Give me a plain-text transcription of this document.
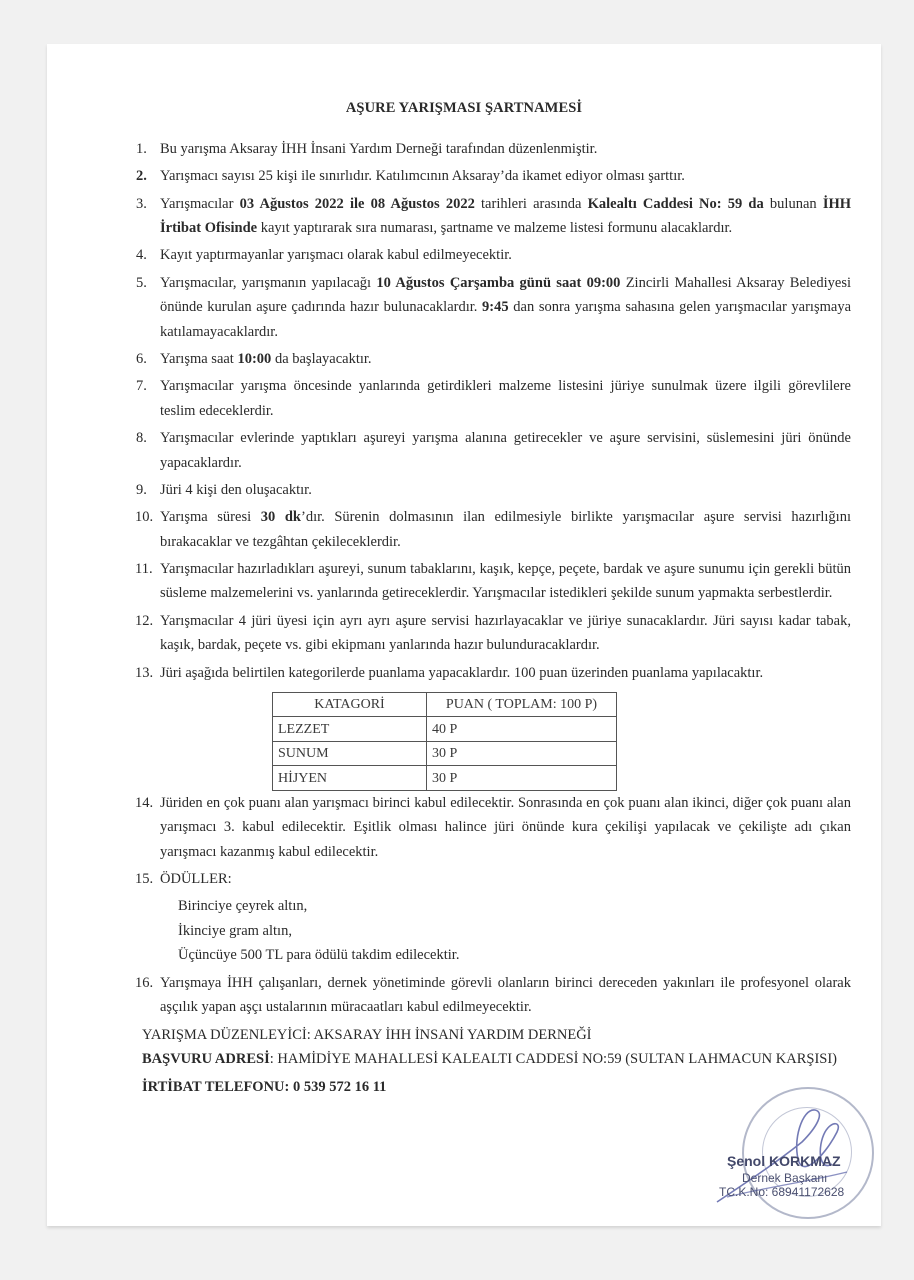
AŞURE YARIŞMASI ŞARTNAMESİ
1. Bu yarışma Aksaray İHH İnsani Yardım Derneği tarafından düzenlenmiştir.
2. Yarışmacı sayısı 25 kişi ile sınırlıdır. Katılımcının Aksaray’da ikamet ediyor olması şarttır.
3. Yarışmacılar 03 Ağustos 2022 ile 08 Ağustos 2022 tarihleri arasında Kalealtı Caddesi No: 59 da bulunan İHH İrtibat Ofisinde kayıt yaptırarak sıra numarası, şartname ve malzeme listesi formunu alacaklardır.
4. Kayıt yaptırmayanlar yarışmacı olarak kabul edilmeyecektir.
5. Yarışmacılar, yarışmanın yapılacağı 10 Ağustos Çarşamba günü saat 09:00 Zincirli Mahallesi Aksaray Belediyesi önünde kurulan aşure çadırında hazır bulunacaklardır. 9:45 dan sonra yarışma sahasına gelen yarışmacılar yarışmaya katılamayacaklardır.
6. Yarışma saat 10:00 da başlayacaktır.
7. Yarışmacılar yarışma öncesinde yanlarında getirdikleri malzeme listesini jüriye sunulmak üzere ilgili görevlilere teslim edeceklerdir.
8. Yarışmacılar evlerinde yaptıkları aşureyi yarışma alanına getirecekler ve aşure servisini, süslemesini jüri önünde yapacaklardır.
9. Jüri 4 kişi den oluşacaktır.
10. Yarışma süresi 30 dk’dır. Sürenin dolmasının ilan edilmesiyle birlikte yarışmacılar aşure servisi hazırlığını bırakacaklar ve tezgâhtan çekileceklerdir.
11. Yarışmacılar hazırladıkları aşureyi, sunum tabaklarını, kaşık, kepçe, peçete, bardak ve aşure sunumu için gerekli bütün süsleme malzemelerini vs. yanlarında getireceklerdir. Yarışmacılar istedikleri şekilde sunum yapmakta serbestlerdir.
12. Yarışmacılar 4 jüri üyesi için ayrı ayrı aşure servisi hazırlayacaklar ve jüriye sunacaklardır. Jüri sayısı kadar tabak, kaşık, bardak, peçete vs. gibi ekipmanı yanlarında hazır bulunduracaklardır.
13. Jüri aşağıda belirtilen kategorilerde puanlama yapacaklardır. 100 puan üzerinden puanlama yapılacaktır.
KATAGORİ	PUAN ( TOPLAM: 100 P)
LEZZET	40 P
SUNUM	30 P
HİJYEN	30 P
14. Jüriden en çok puanı alan yarışmacı birinci kabul edilecektir. Sonrasında en çok puanı alan ikinci, diğer çok puanı alan yarışmacı 3. kabul edilecektir. Eşitlik olması halince jüri önünde kura çekilişi yapılacak ve çekilişte adı çıkan yarışmacı kazanmış kabul edilecektir.
15. ÖDÜLLER:
Birinciye çeyrek altın,
İkinciye gram altın,
Üçüncüye 500 TL para ödülü takdim edilecektir.
16. Yarışmaya İHH çalışanları, dernek yönetiminde görevli olanların birinci dereceden yakınları ile profesyonel olarak aşçılık yapan aşçı ustalarının müracaatları kabul edilmeyecektir.
YARIŞMA DÜZENLEYİCİ: AKSARAY İHH İNSANİ YARDIM DERNEĞİ
BAŞVURU ADRESİ: HAMİDİYE MAHALLESİ KALEALTI CADDESİ NO:59 (SULTAN LAHMACUN KARŞISI)
İRTİBAT TELEFONU: 0 539 572 16 11
Şenol KORKMAZ
Dernek Başkanı
TC.K.No: 68941172628
